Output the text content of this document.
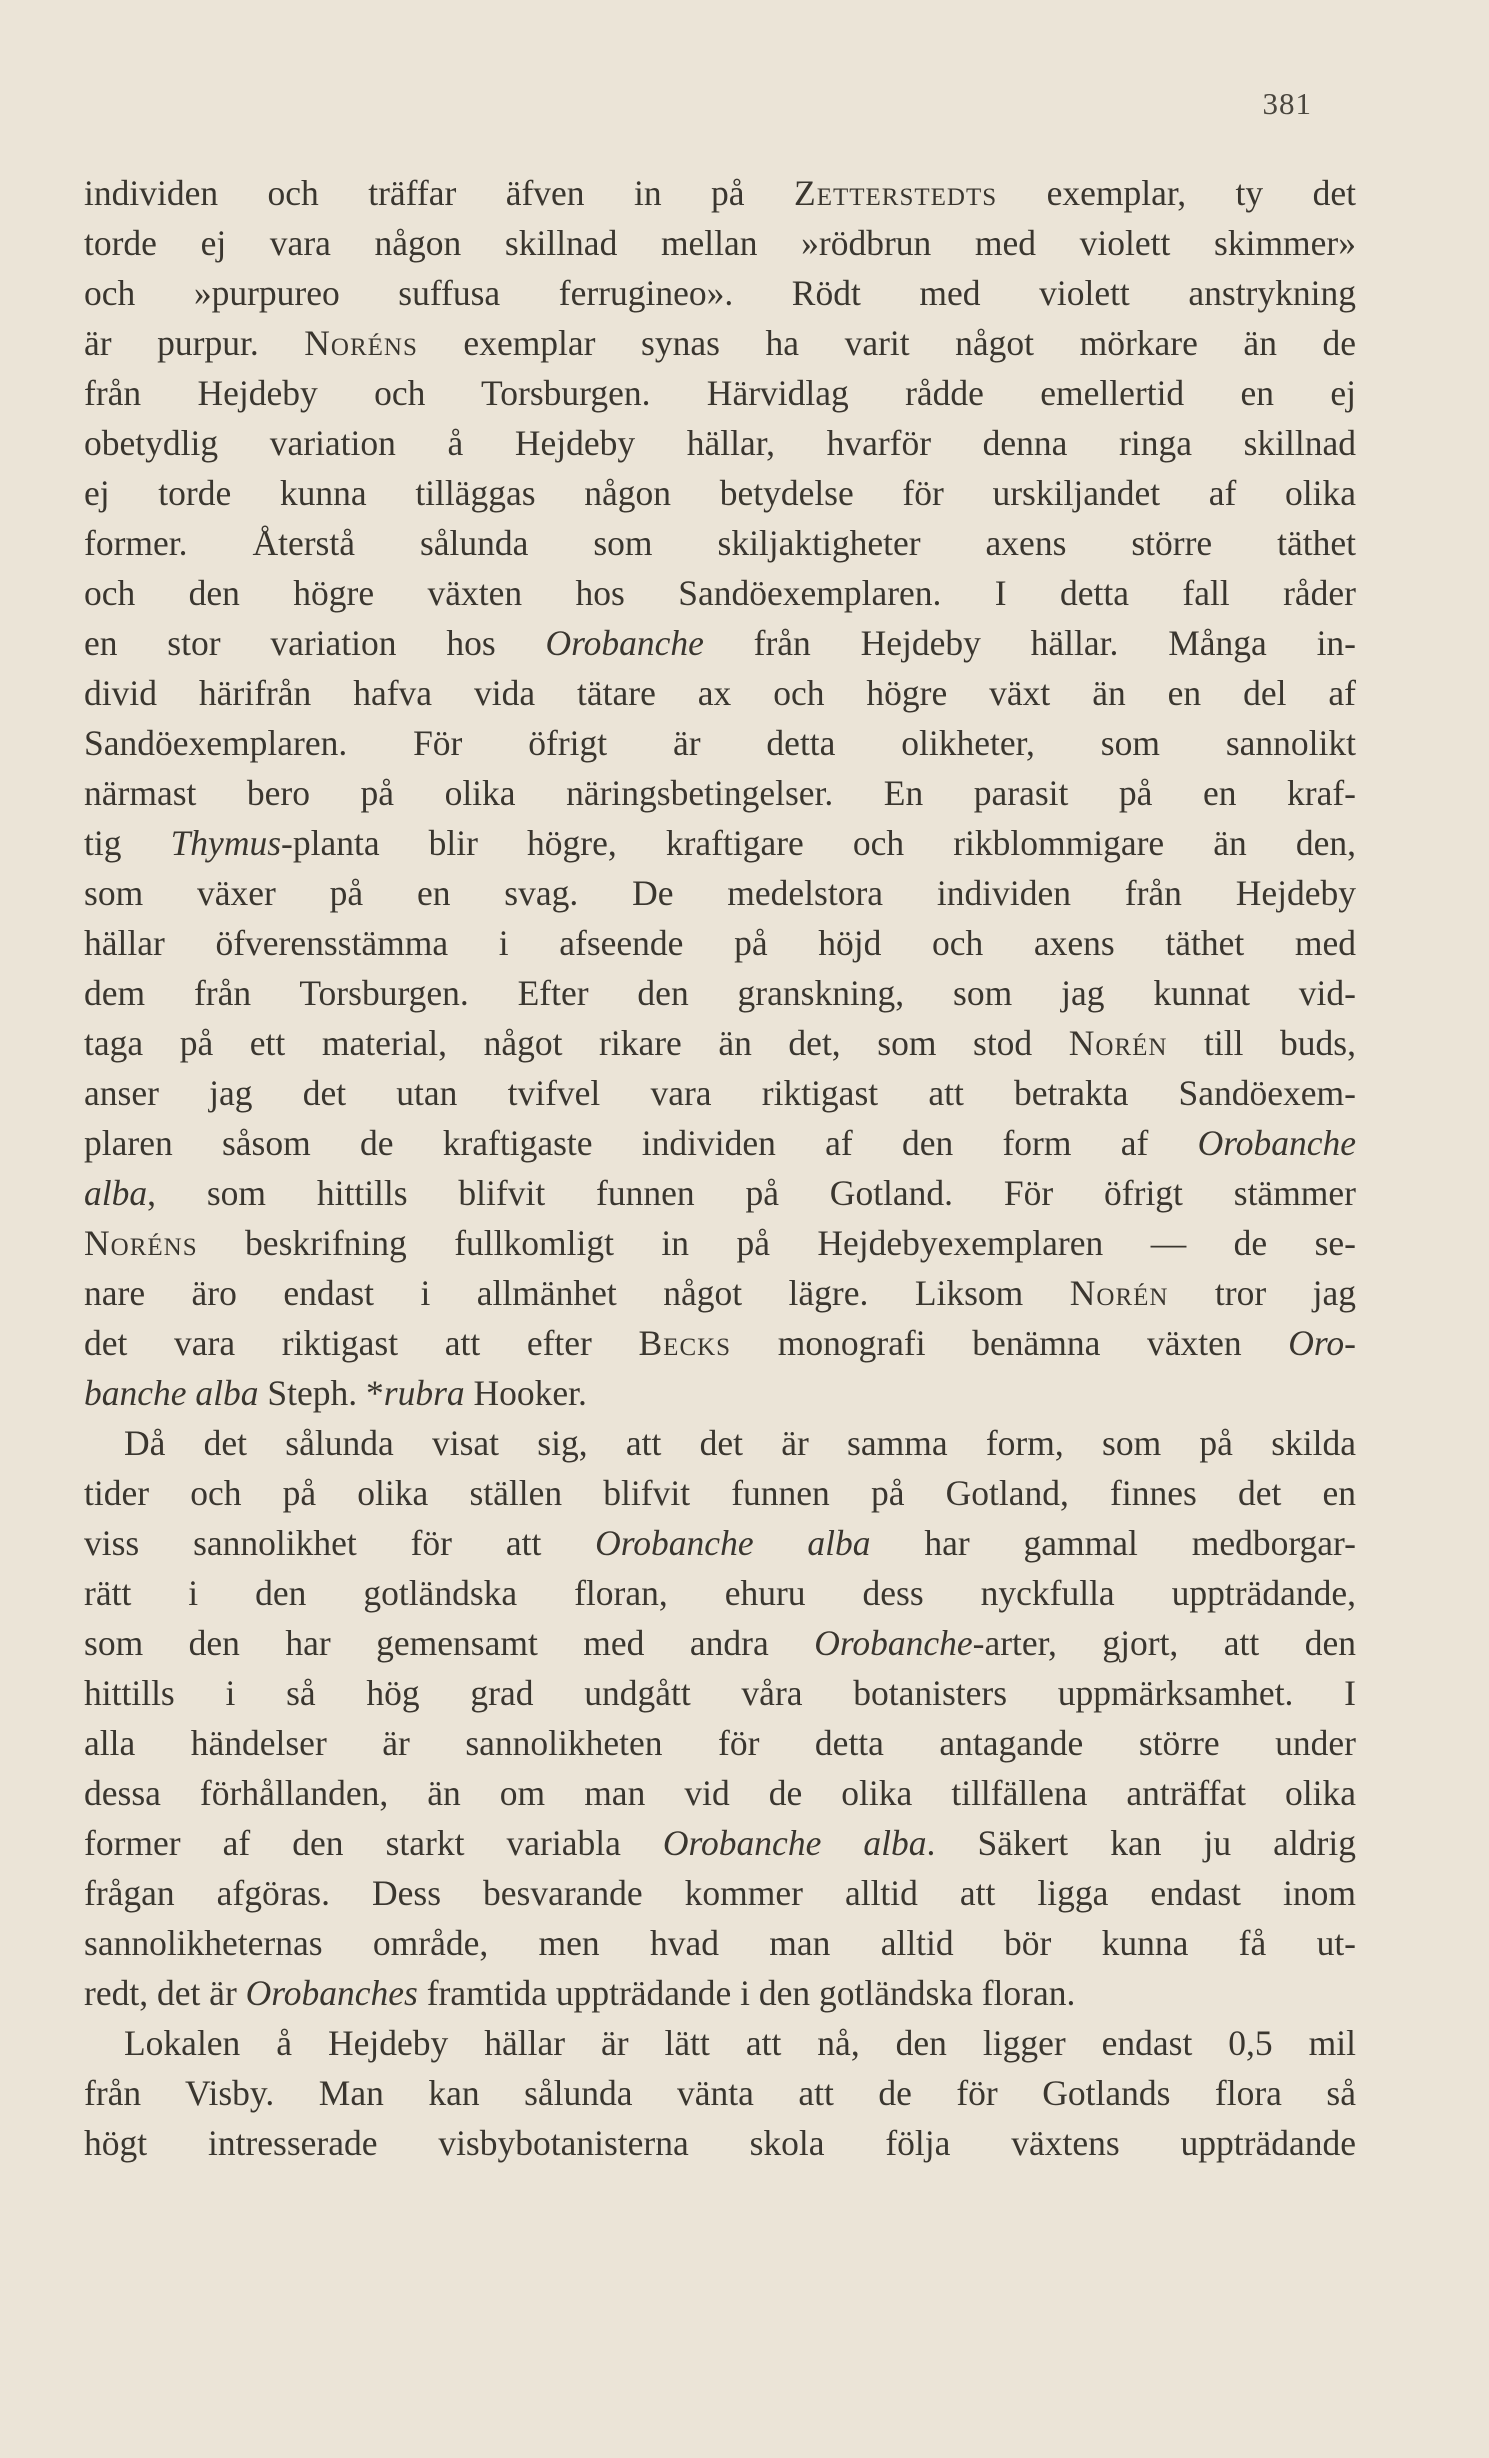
381
individen och träffar äfven in på Zetterstedts exemplar, ty det
torde ej vara någon skillnad mellan »rödbrun med violett skimmer»
och »purpureo suffusa ferrugineo». Rödt med violett anstrykning
är purpur. Noréns exemplar synas ha varit något mörkare än de
från Hejdeby och Torsburgen. Härvidlag rådde emellertid en ej
obetydlig variation å Hejdeby hällar, hvarför denna ringa skillnad
ej torde kunna tilläggas någon betydelse för urskiljandet af olika
former. Återstå sålunda som skiljaktigheter axens större täthet
och den högre växten hos Sandöexemplaren. I detta fall råder
en stor variation hos Orobanche från Hejdeby hällar. Många in-
divid härifrån hafva vida tätare ax och högre växt än en del af
Sandöexemplaren. För öfrigt är detta olikheter, som sannolikt
närmast bero på olika näringsbetingelser. En parasit på en kraf-
tig Thymus-planta blir högre, kraftigare och rikblommigare än den,
som växer på en svag. De medelstora individen från Hejdeby
hällar öfverensstämma i afseende på höjd och axens täthet med
dem från Torsburgen. Efter den granskning, som jag kunnat vid-
taga på ett material, något rikare än det, som stod Norén till buds,
anser jag det utan tvifvel vara riktigast att betrakta Sandöexem-
plaren såsom de kraftigaste individen af den form af Orobanche
alba, som hittills blifvit funnen på Gotland. För öfrigt stämmer
Noréns beskrifning fullkomligt in på Hejdebyexemplaren — de se-
nare äro endast i allmänhet något lägre. Liksom Norén tror jag
det vara riktigast att efter Becks monografi benämna växten Oro-
banche alba Steph. *rubra Hooker.
Då det sålunda visat sig, att det är samma form, som på skilda
tider och på olika ställen blifvit funnen på Gotland, finnes det en
viss sannolikhet för att Orobanche alba har gammal medborgar-
rätt i den gotländska floran, ehuru dess nyckfulla uppträdande,
som den har gemensamt med andra Orobanche-arter, gjort, att den
hittills i så hög grad undgått våra botanisters uppmärksamhet. I
alla händelser är sannolikheten för detta antagande större under
dessa förhållanden, än om man vid de olika tillfällena anträffat olika
former af den starkt variabla Orobanche alba. Säkert kan ju aldrig
frågan afgöras. Dess besvarande kommer alltid att ligga endast inom
sannolikheternas område, men hvad man alltid bör kunna få ut-
redt, det är Orobanches framtida uppträdande i den gotländska floran.
Lokalen å Hejdeby hällar är lätt att nå, den ligger endast 0,5 mil
från Visby. Man kan sålunda vänta att de för Gotlands flora så
högt intresserade visbybotanisterna skola följa växtens uppträdande
